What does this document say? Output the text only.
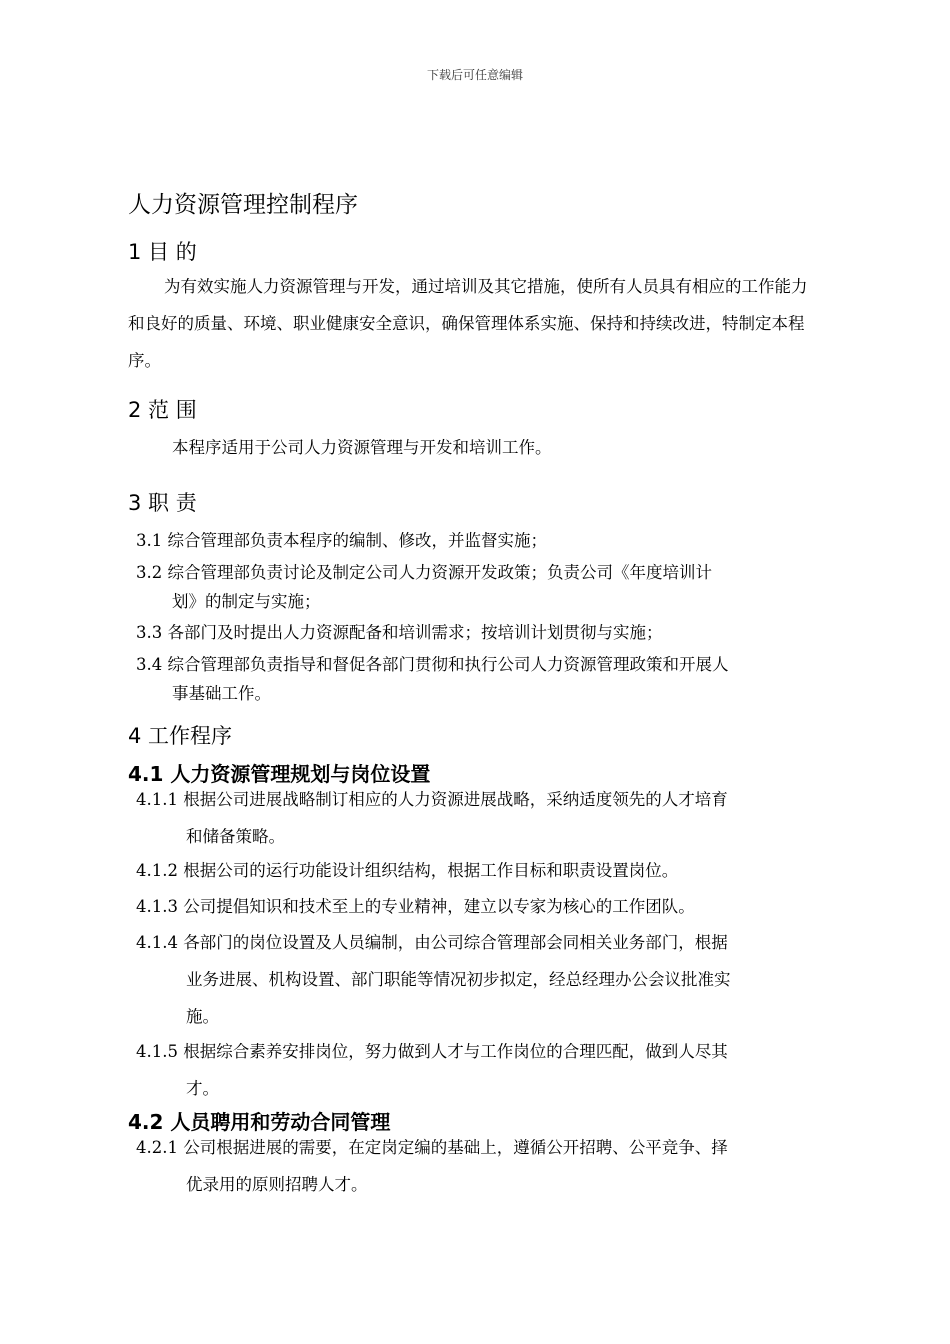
下载后可任意编辑
人力资源管理控制程序
1 目 的
为有效实施人力资源管理与开发，通过培训及其它措施，使所有人员具有相应的工作能力和良好的质量、环境、职业健康安全意识，确保管理体系实施、保持和持续改进，特制定本程序。
2 范 围
本程序适用于公司人力资源管理与开发和培训工作。
3 职 责
3.1 综合管理部负责本程序的编制、修改，并监督实施；
3.2 综合管理部负责讨论及制定公司人力资源开发政策；负责公司《年度培训计
划》的制定与实施；
3.3 各部门及时提出人力资源配备和培训需求；按培训计划贯彻与实施；
3.4 综合管理部负责指导和督促各部门贯彻和执行公司人力资源管理政策和开展人
事基础工作。
4 工作程序
4.1 人力资源管理规划与岗位设置
4.1.1 根据公司进展战略制订相应的人力资源进展战略，采纳适度领先的人才培育
和储备策略。
4.1.2 根据公司的运行功能设计组织结构，根据工作目标和职责设置岗位。
4.1.3 公司提倡知识和技术至上的专业精神，建立以专家为核心的工作团队。
4.1.4 各部门的岗位设置及人员编制，由公司综合管理部会同相关业务部门，根据
业务进展、机构设置、部门职能等情况初步拟定，经总经理办公会议批准实
施。
4.1.5 根据综合素养安排岗位，努力做到人才与工作岗位的合理匹配，做到人尽其
才。
4.2 人员聘用和劳动合同管理
4.2.1 公司根据进展的需要，在定岗定编的基础上，遵循公开招聘、公平竞争、择
优录用的原则招聘人才。
